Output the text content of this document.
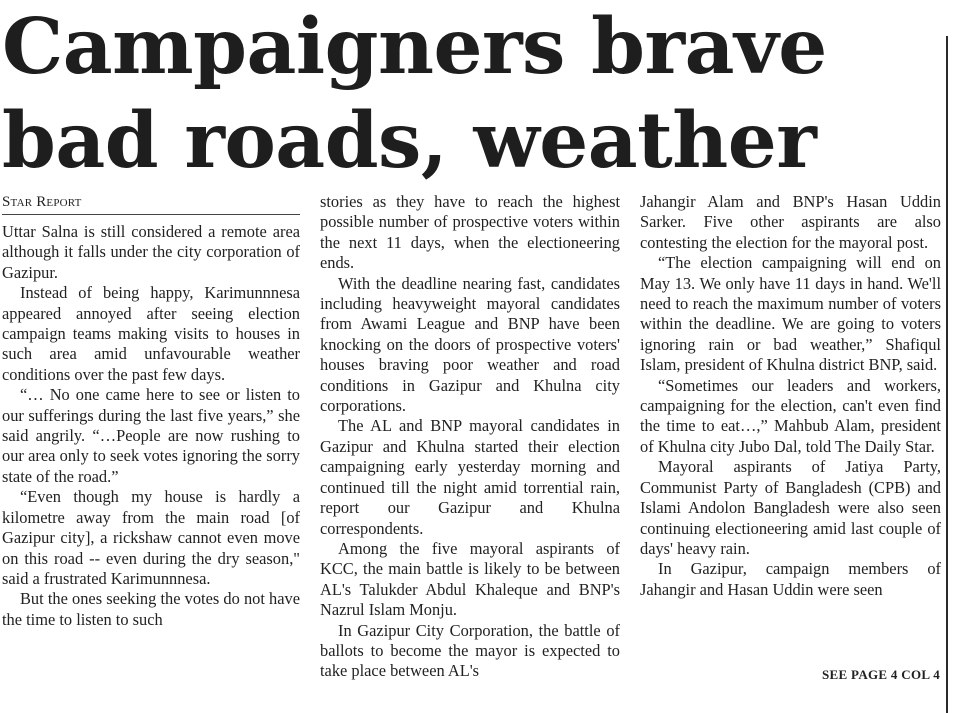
Campaigners brave bad roads, weather
Star Report

Uttar Salna is still considered a remote area although it falls under the city corporation of Gazipur.

Instead of being happy, Karimunnnesa appeared annoyed after seeing election campaign teams making visits to houses in such area amid unfavourable weather conditions over the past few days.

“… No one came here to see or listen to our sufferings during the last five years,” she said angrily. “…People are now rushing to our area only to seek votes ignoring the sorry state of the road.”

“Even though my house is hardly a kilometre away from the main road [of Gazipur city], a rickshaw cannot even move on this road -- even during the dry season," said a frustrated Karimunnnesa.

But the ones seeking the votes do not have the time to listen to such

stories as they have to reach the highest possible number of prospective voters within the next 11 days, when the electioneering ends.

With the deadline nearing fast, candidates including heavyweight mayoral candidates from Awami League and BNP have been knocking on the doors of prospective voters' houses braving poor weather and road conditions in Gazipur and Khulna city corporations.

The AL and BNP mayoral candidates in Gazipur and Khulna started their election campaigning early yesterday morning and continued till the night amid torrential rain, report our Gazipur and Khulna correspondents.

Among the five mayoral aspirants of KCC, the main battle is likely to be between AL's Talukder Abdul Khaleque and BNP's Nazrul Islam Monju.

In Gazipur City Corporation, the battle of ballots to become the mayor is expected to take place between AL's

Jahangir Alam and BNP's Hasan Uddin Sarker. Five other aspirants are also contesting the election for the mayoral post.

“The election campaigning will end on May 13. We only have 11 days in hand. We'll need to reach the maximum number of voters within the deadline. We are going to voters ignoring rain or bad weather,” Shafiqul Islam, president of Khulna district BNP, said.

“Sometimes our leaders and workers, campaigning for the election, can't even find the time to eat…,” Mahbub Alam, president of Khulna city Jubo Dal, told The Daily Star.

Mayoral aspirants of Jatiya Party, Communist Party of Bangladesh (CPB) and Islami Andolon Bangladesh were also seen continuing electioneering amid last couple of days' heavy rain.

In Gazipur, campaign members of Jahangir and Hasan Uddin were seen

SEE PAGE 4 COL 4
